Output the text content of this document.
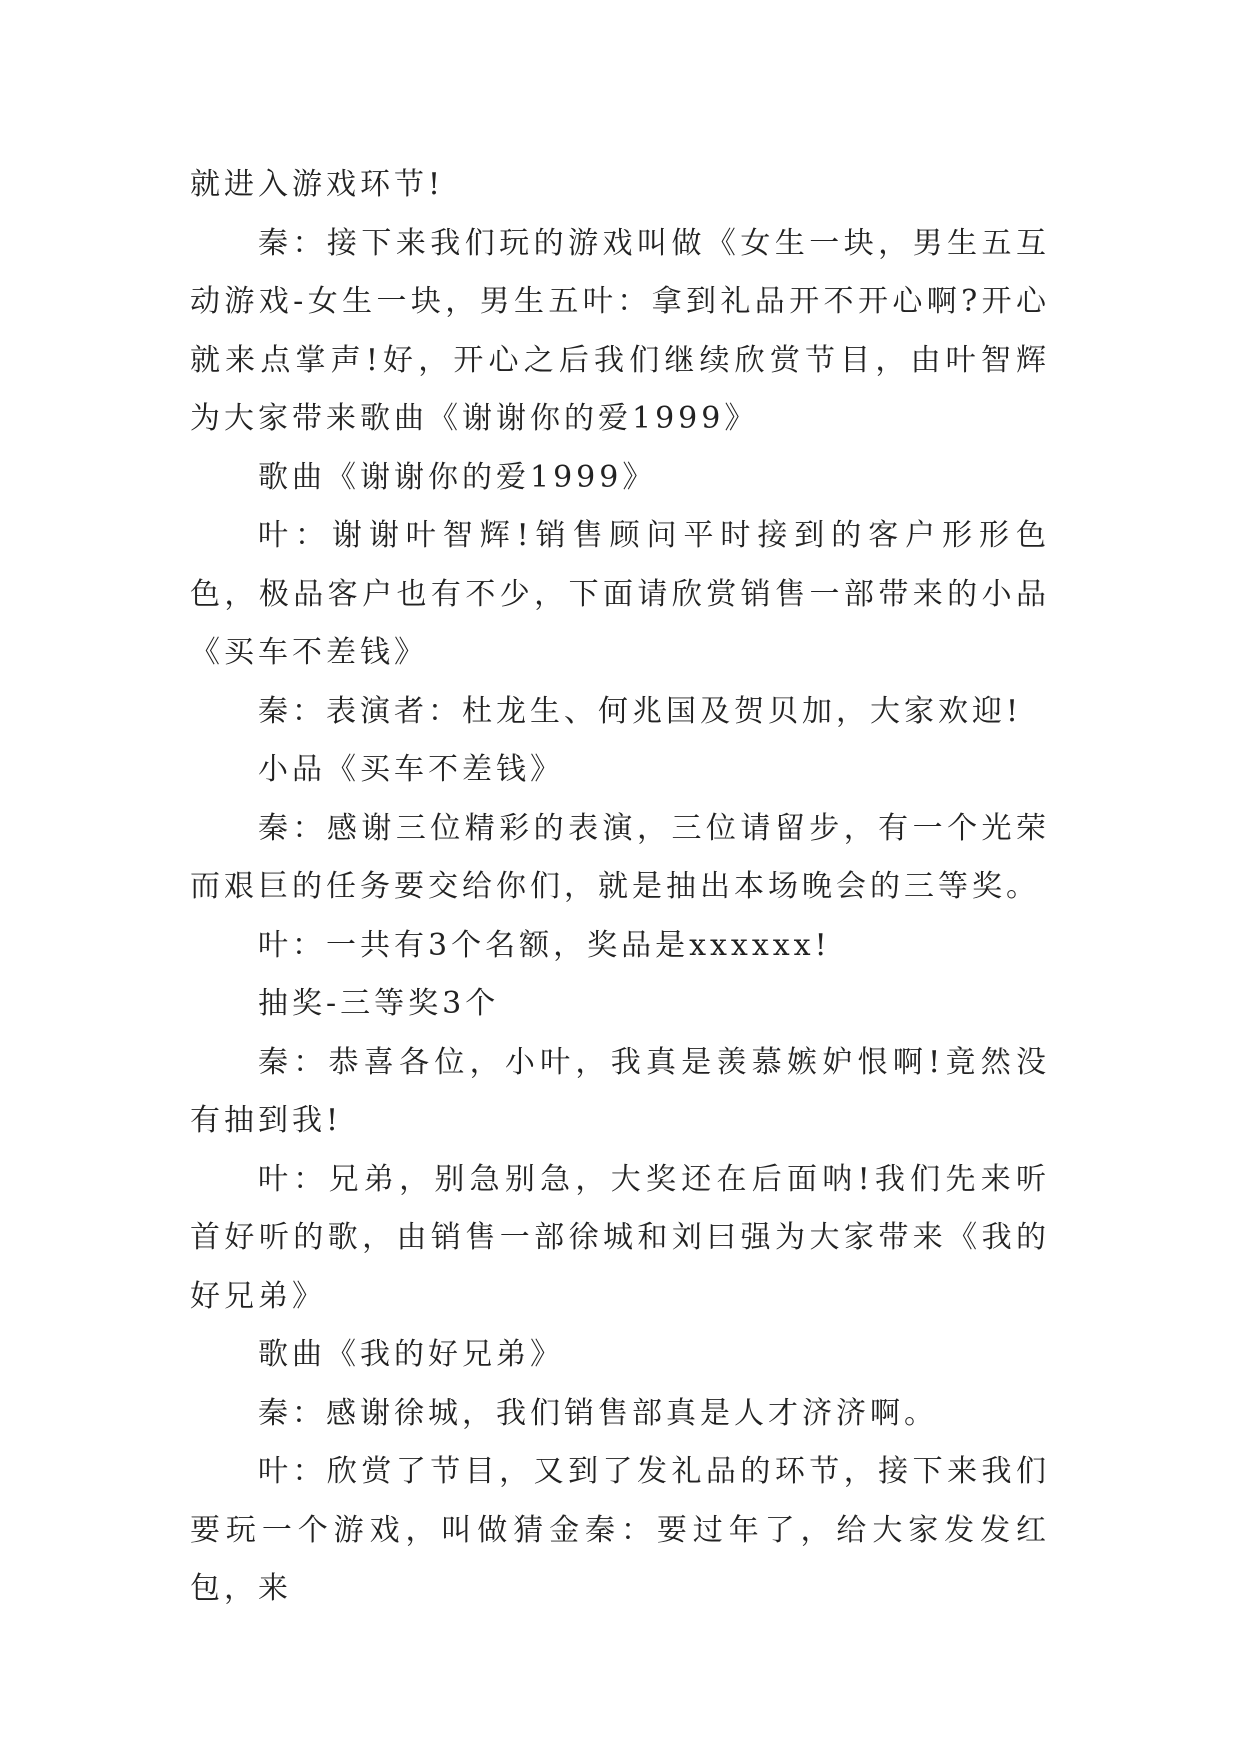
就进入游戏环节!

秦：接下来我们玩的游戏叫做《女生一块，男生五互动游戏-女生一块，男生五叶：拿到礼品开不开心啊?开心就来点掌声!好，开心之后我们继续欣赏节目，由叶智辉为大家带来歌曲《谢谢你的爱1999》

歌曲《谢谢你的爱1999》

叶：谢谢叶智辉!销售顾问平时接到的客户形形色色，极品客户也有不少，下面请欣赏销售一部带来的小品《买车不差钱》

秦：表演者：杜龙生、何兆国及贺贝加，大家欢迎!

小品《买车不差钱》

秦：感谢三位精彩的表演，三位请留步，有一个光荣而艰巨的任务要交给你们，就是抽出本场晚会的三等奖。

叶：一共有3个名额，奖品是xxxxxx!

抽奖-三等奖3个

秦：恭喜各位，小叶，我真是羡慕嫉妒恨啊!竟然没有抽到我!

叶：兄弟，别急别急，大奖还在后面呐!我们先来听首好听的歌，由销售一部徐城和刘曰强为大家带来《我的好兄弟》

歌曲《我的好兄弟》

秦：感谢徐城，我们销售部真是人才济济啊。

叶：欣赏了节目，又到了发礼品的环节，接下来我们要玩一个游戏，叫做猜金秦：要过年了，给大家发发红包，来
